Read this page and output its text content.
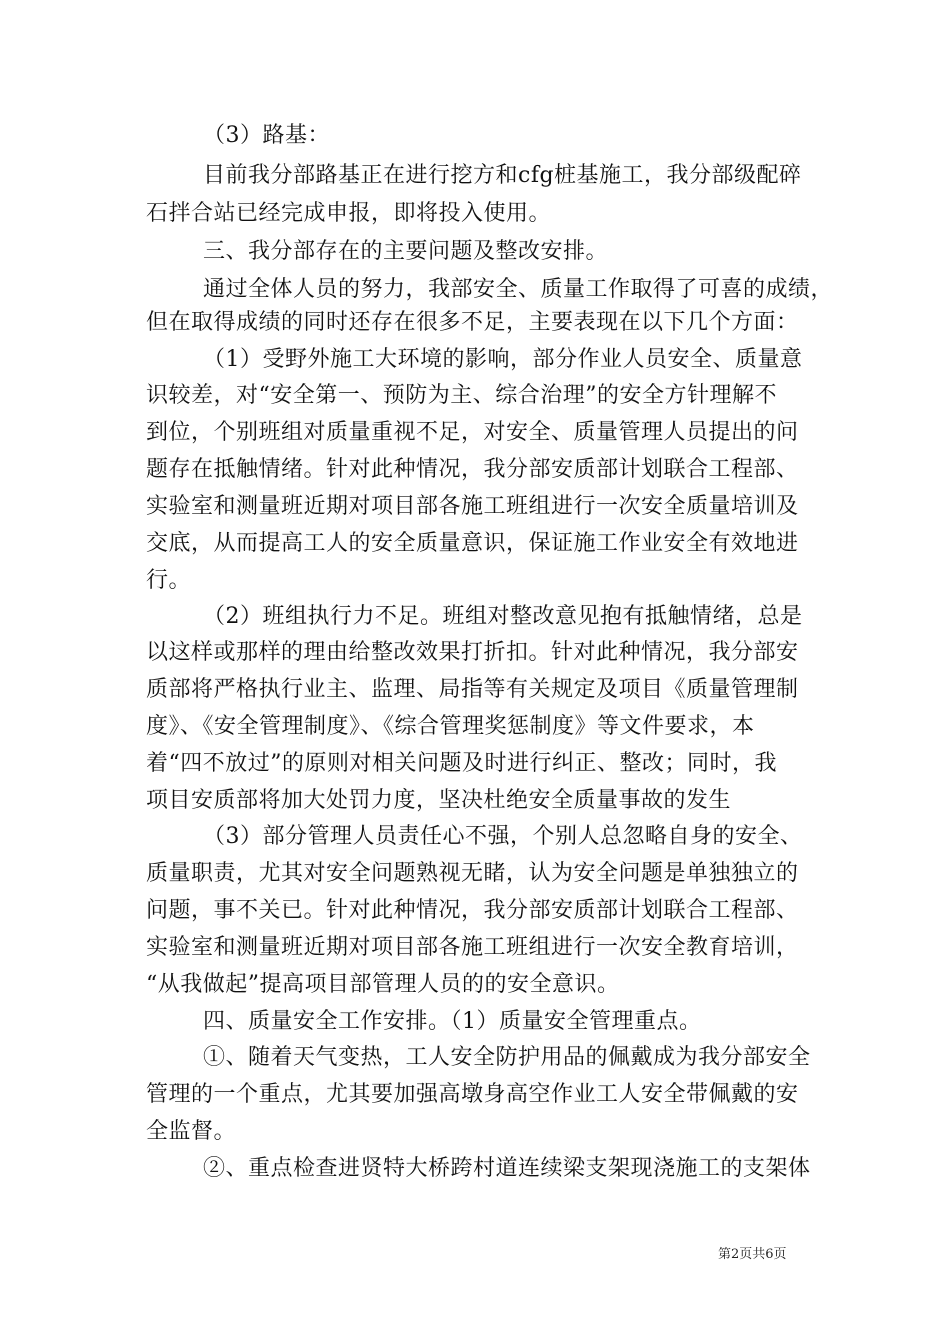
（3）路基：
目前我分部路基正在进行挖方和cfg桩基施工，我分部级配碎
石拌合站已经完成申报，即将投入使用。
三、我分部存在的主要问题及整改安排。
通过全体人员的努力，我部安全、质量工作取得了可喜的成绩，
但在取得成绩的同时还存在很多不足，主要表现在以下几个方面：
（1）受野外施工大环境的影响，部分作业人员安全、质量意
识较差，对“安全第一、预防为主、综合治理”的安全方针理解不
到位，个别班组对质量重视不足，对安全、质量管理人员提出的问
题存在抵触情绪。针对此种情况，我分部安质部计划联合工程部、
实验室和测量班近期对项目部各施工班组进行一次安全质量培训及
交底，从而提高工人的安全质量意识，保证施工作业安全有效地进
行。
（2）班组执行力不足。班组对整改意见抱有抵触情绪，总是
以这样或那样的理由给整改效果打折扣。针对此种情况，我分部安
质部将严格执行业主、监理、局指等有关规定及项目《质量管理制
度》、《安全管理制度》、《综合管理奖惩制度》等文件要求，本
着“四不放过”的原则对相关问题及时进行纠正、整改；同时，我
项目安质部将加大处罚力度，坚决杜绝安全质量事故的发生
（3）部分管理人员责任心不强，个别人总忽略自身的安全、
质量职责，尤其对安全问题熟视无睹，认为安全问题是单独独立的
问题，事不关已。针对此种情况，我分部安质部计划联合工程部、
实验室和测量班近期对项目部各施工班组进行一次安全教育培训，
“从我做起”提高项目部管理人员的的安全意识。
四、质量安全工作安排。（1）质量安全管理重点。
①、随着天气变热，工人安全防护用品的佩戴成为我分部安全
管理的一个重点，尤其要加强高墩身高空作业工人安全带佩戴的安
全监督。
②、重点检查进贤特大桥跨村道连续梁支架现浇施工的支架体
第2页共6页
